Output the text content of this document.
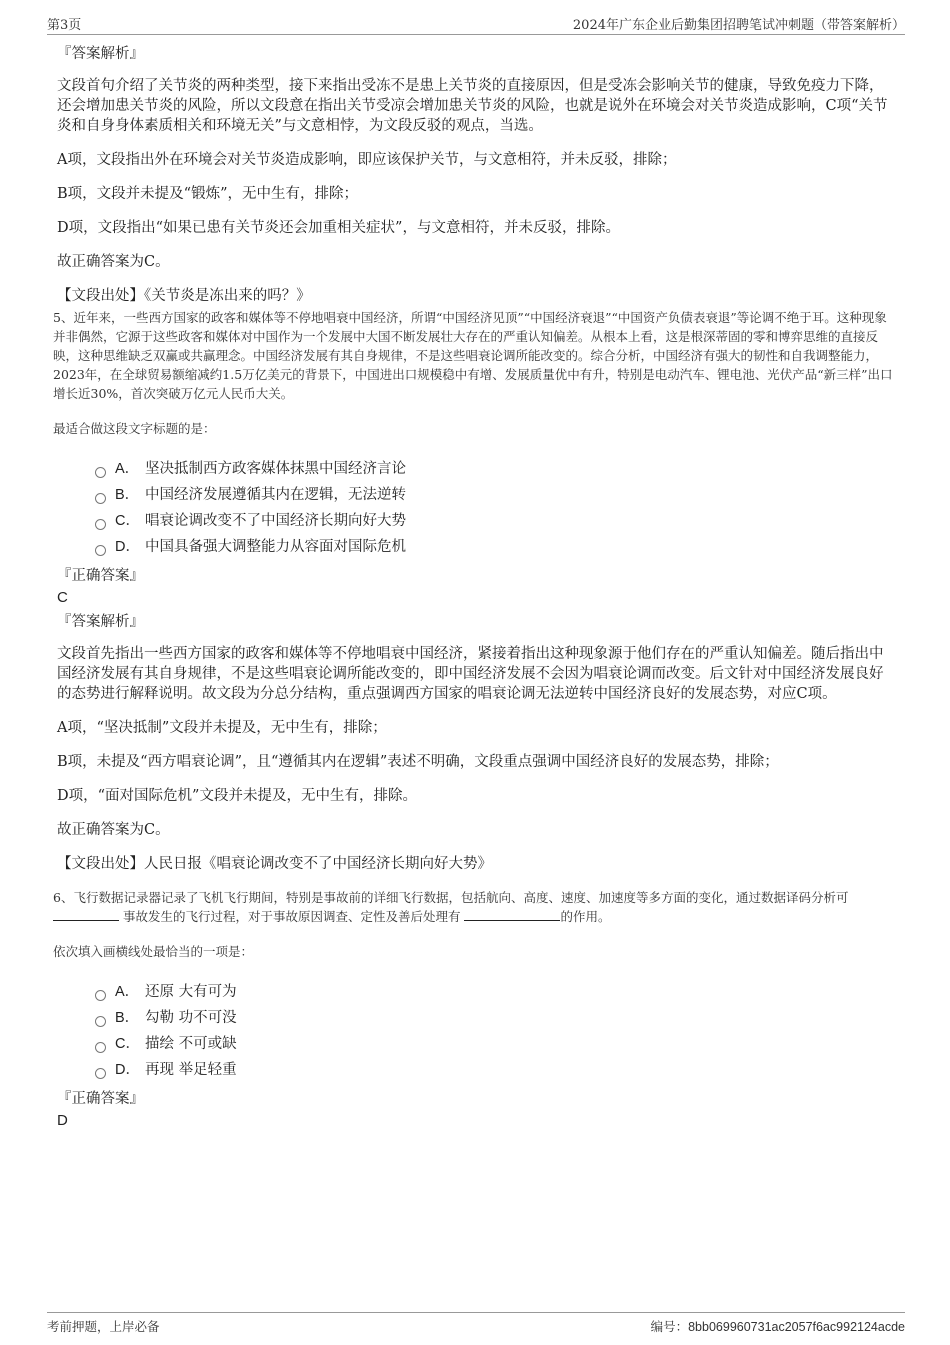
第3页	2024年广东企业后勤集团招聘笔试冲刺题（带答案解析）
『答案解析』
文段首句介绍了关节炎的两种类型，接下来指出受冻不是患上关节炎的直接原因，但是受冻会影响关节的健康，导致免疫力下降，还会增加患关节炎的风险，所以文段意在指出关节受凉会增加患关节炎的风险，也就是说外在环境会对关节炎造成影响，C项“关节炎和自身身体素质相关和环境无关”与文意相悖，为文段反驳的观点，当选。
A项，文段指出外在环境会对关节炎造成影响，即应该保护关节，与文意相符，并未反驳，排除；
B项，文段并未提及“锻炼”，无中生有，排除；
D项，文段指出“如果已患有关节炎还会加重相关症状”，与文意相符，并未反驳，排除。
故正确答案为C。
【文段出处】《关节炎是冻出来的吗？》
5、近年来，一些西方国家的政客和媒体等不停地唱衰中国经济，所谓“中国经济见顶”“中国经济衰退”“中国资产负债表衰退”等论调不绝于耳。这种现象并非偶然，它源于这些政客和媒体对中国作为一个发展中大国不断发展壮大存在的严重认知偏差。从根本上看，这是根深蒂固的零和博弈思维的直接反映，这种思维缺乏双赢或共赢理念。中国经济发展有其自身规律，不是这些唱衰论调所能改变的。综合分析，中国经济有强大的韧性和自我调整能力，2023年，在全球贸易额缩减约1.5万亿美元的背景下，中国进出口规模稳中有增、发展质量优中有升，特别是电动汽车、锂电池、光伏产品“新三样”出口增长近30%，首次突破万亿元人民币大关。
最适合做这段文字标题的是：
A． 坚决抵制西方政客媒体抹黑中国经济言论
B． 中国经济发展遵循其内在逻辑，无法逆转
C． 唱衰论调改变不了中国经济长期向好大势
D． 中国具备强大调整能力从容面对国际危机
『正确答案』
C
『答案解析』
文段首先指出一些西方国家的政客和媒体等不停地唱衰中国经济，紧接着指出这种现象源于他们存在的严重认知偏差。随后指出中国经济发展有其自身规律，不是这些唱衰论调所能改变的，即中国经济发展不会因为唱衰论调而改变。后文针对中国经济发展良好的态势进行解释说明。故文段为分总分结构，重点强调西方国家的唱衰论调无法逆转中国经济良好的发展态势，对应C项。
A项，“坚决抵制”文段并未提及，无中生有，排除；
B项，未提及“西方唱衰论调”，且“遵循其内在逻辑”表述不明确，文段重点强调中国经济良好的发展态势，排除；
D项，“面对国际危机”文段并未提及，无中生有，排除。
故正确答案为C。
【文段出处】人民日报《唱衰论调改变不了中国经济长期向好大势》
6、飞行数据记录器记录了飞机飞行期间，特别是事故前的详细飞行数据，包括航向、高度、速度、加速度等多方面的变化，通过数据译码分析可  事故发生的飞行过程，对于事故原因调查、定性及善后处理有	的作用。
依次填入画横线处最恰当的一项是：
A． 还原 大有可为
B． 勾勒 功不可没
C． 描绘 不可或缺
D． 再现 举足轻重
『正确答案』
D
考前押题，上岸必备	编号：8bb069960731ac2057f6ac992124acde
